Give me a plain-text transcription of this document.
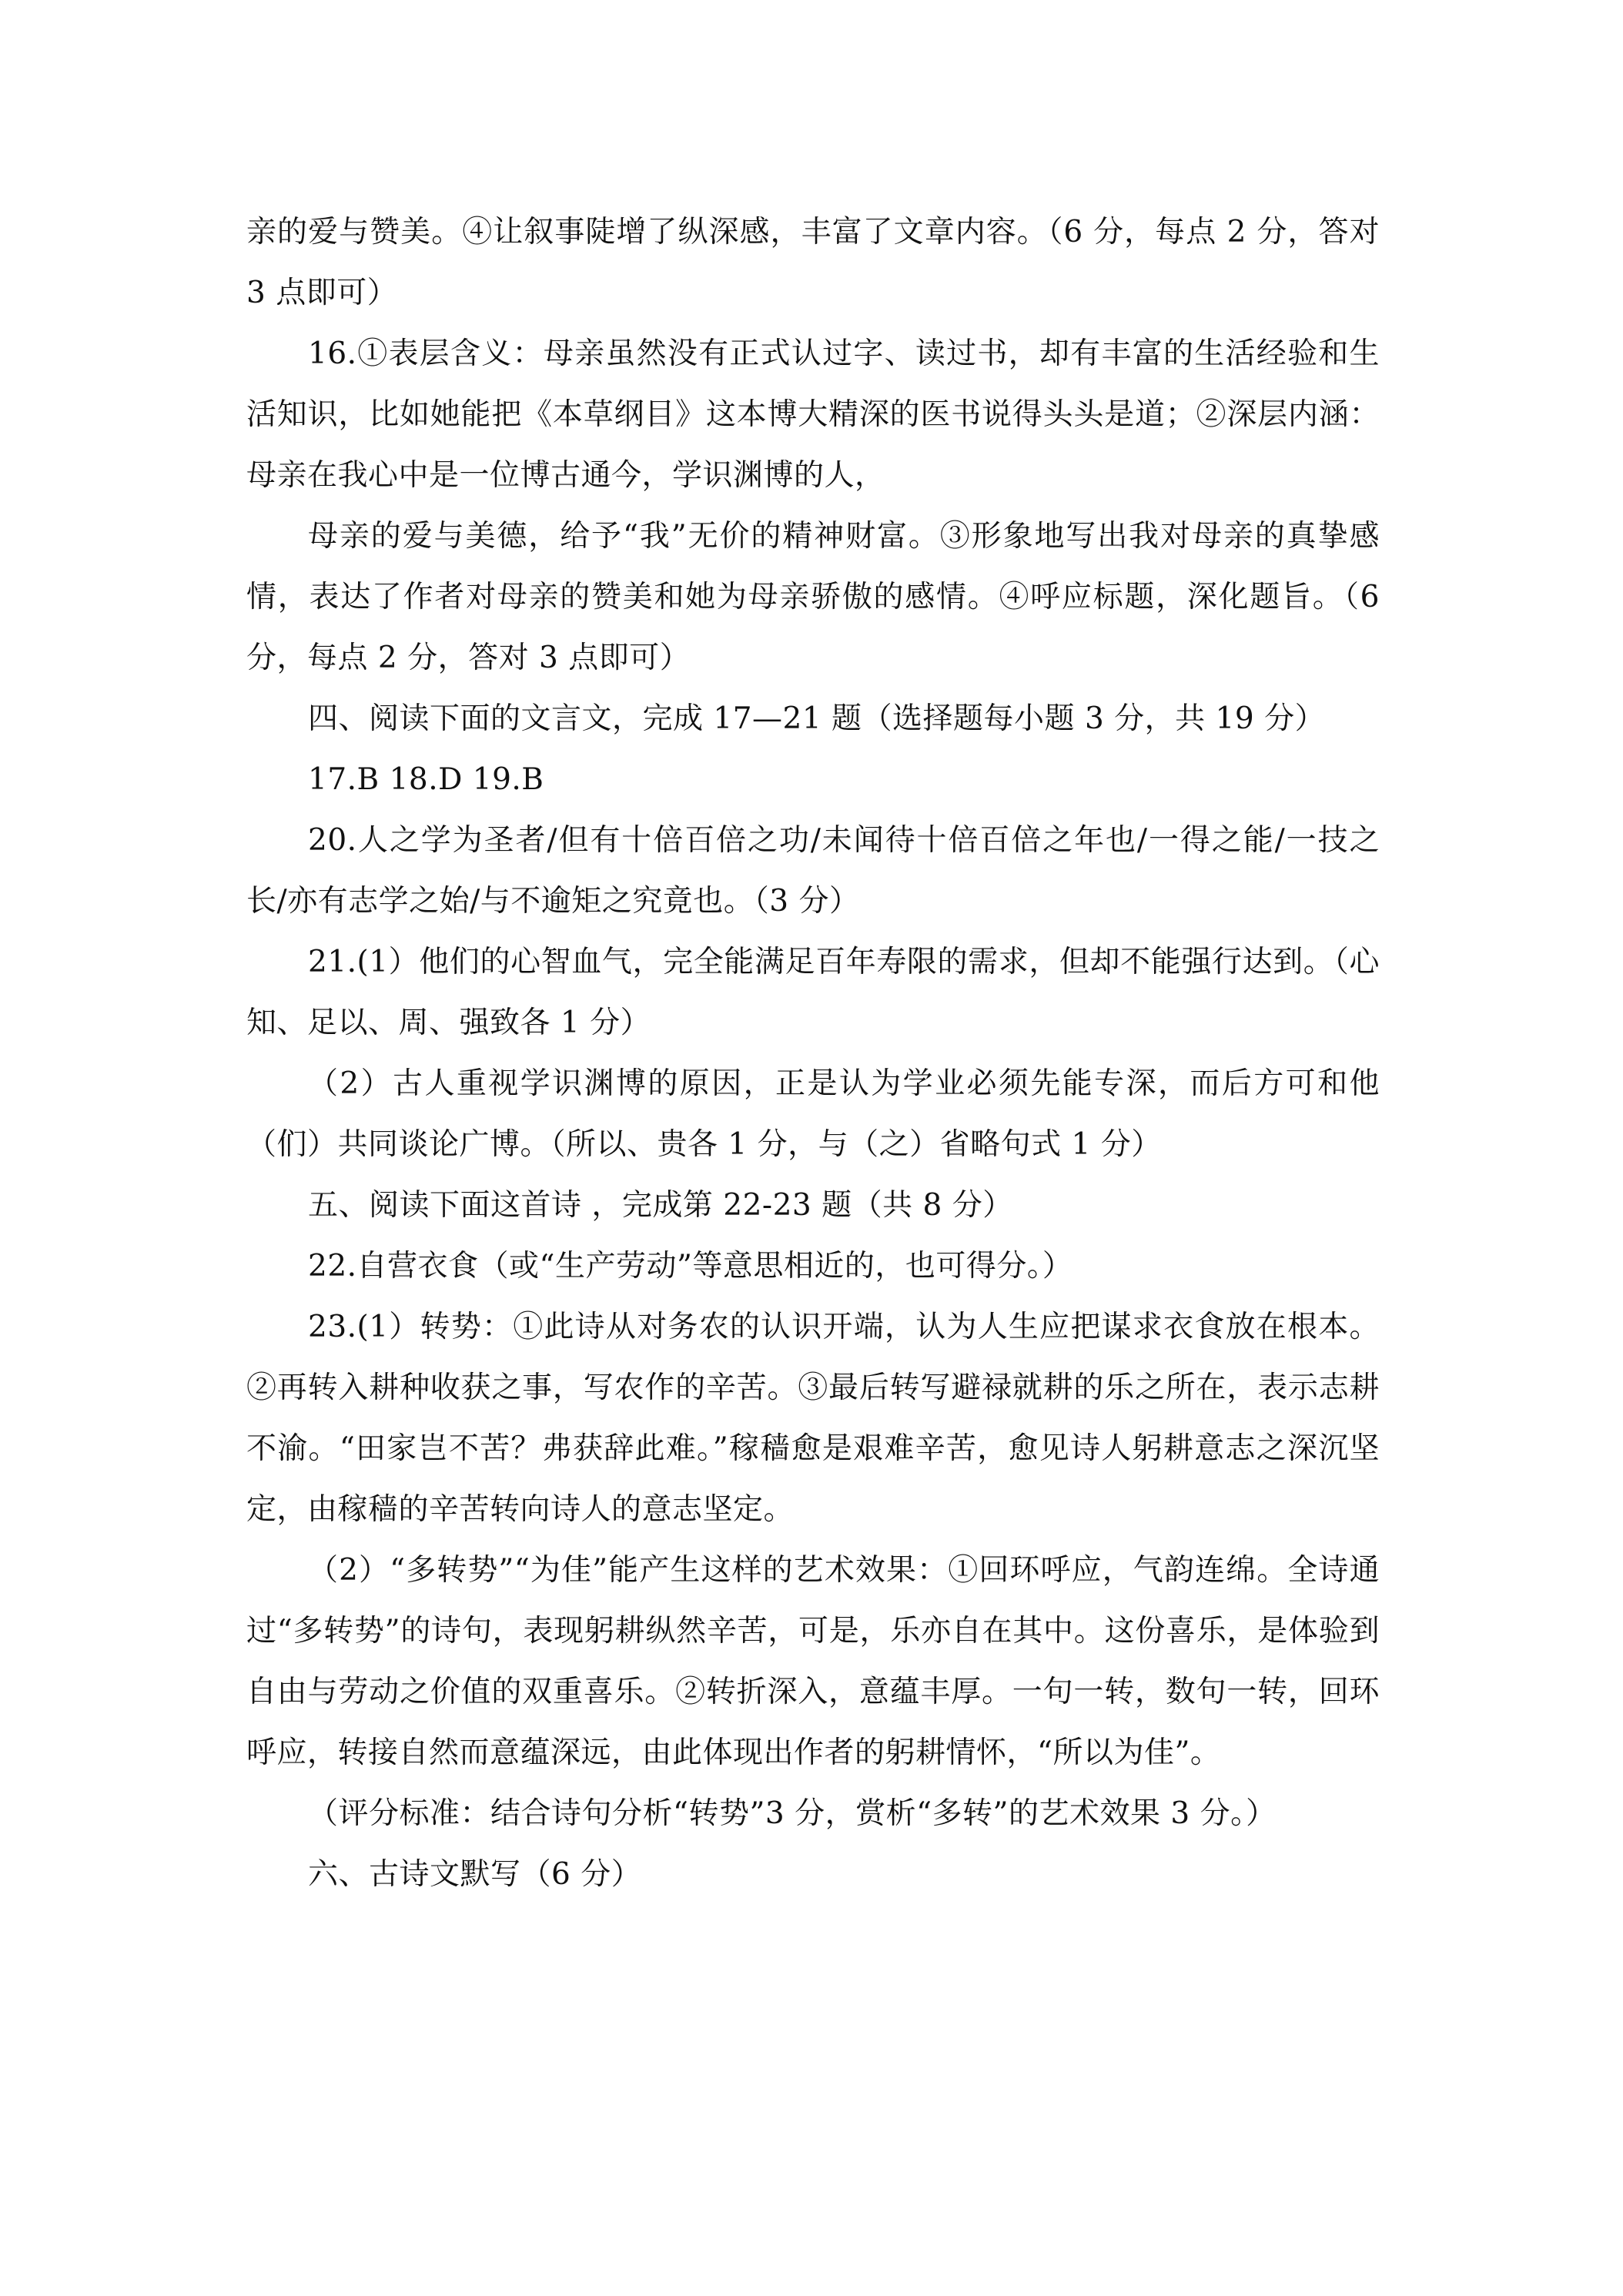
亲的爱与赞美。④让叙事陡增了纵深感，丰富了文章内容。（6 分，每点 2 分，答对 3 点即可）

16.①表层含义：母亲虽然没有正式认过字、读过书，却有丰富的生活经验和生活知识，比如她能把《本草纲目》这本博大精深的医书说得头头是道；②深层内涵：母亲在我心中是一位博古通今，学识渊博的人，

母亲的爱与美德，给予“我”无价的精神财富。③形象地写出我对母亲的真挚感情，表达了作者对母亲的赞美和她为母亲骄傲的感情。④呼应标题，深化题旨。（6 分，每点 2 分，答对 3 点即可）

四、阅读下面的文言文，完成 17—21 题（选择题每小题 3 分，共 19 分）

17.B 18.D 19.B

20.人之学为圣者/但有十倍百倍之功/未闻待十倍百倍之年也/一得之能/一技之长/亦有志学之始/与不逾矩之究竟也。（3 分）

21.(1）他们的心智血气，完全能满足百年寿限的需求，但却不能强行达到。（心知、足以、周、强致各 1 分）

（2）古人重视学识渊博的原因，正是认为学业必须先能专深，而后方可和他（们）共同谈论广博。（所以、贵各 1 分，与（之）省略句式 1 分）

五、阅读下面这首诗 ，完成第 22-23 题（共 8 分）

22.自营衣食（或“生产劳动”等意思相近的，也可得分。）

23.(1）转势：①此诗从对务农的认识开端，认为人生应把谋求衣食放在根本。②再转入耕种收获之事，写农作的辛苦。③最后转写避禄就耕的乐之所在，表示志耕不渝。“田家岂不苦？弗获辞此难。”稼穑愈是艰难辛苦，愈见诗人躬耕意志之深沉坚定，由稼穑的辛苦转向诗人的意志坚定。

（2）“多转势”“为佳”能产生这样的艺术效果：①回环呼应，气韵连绵。全诗通过“多转势”的诗句，表现躬耕纵然辛苦，可是，乐亦自在其中。这份喜乐，是体验到自由与劳动之价值的双重喜乐。②转折深入，意蕴丰厚。一句一转，数句一转，回环呼应，转接自然而意蕴深远，由此体现出作者的躬耕情怀，“所以为佳”。

（评分标准：结合诗句分析“转势”3 分，赏析“多转”的艺术效果 3 分。）

六、古诗文默写（6 分）
